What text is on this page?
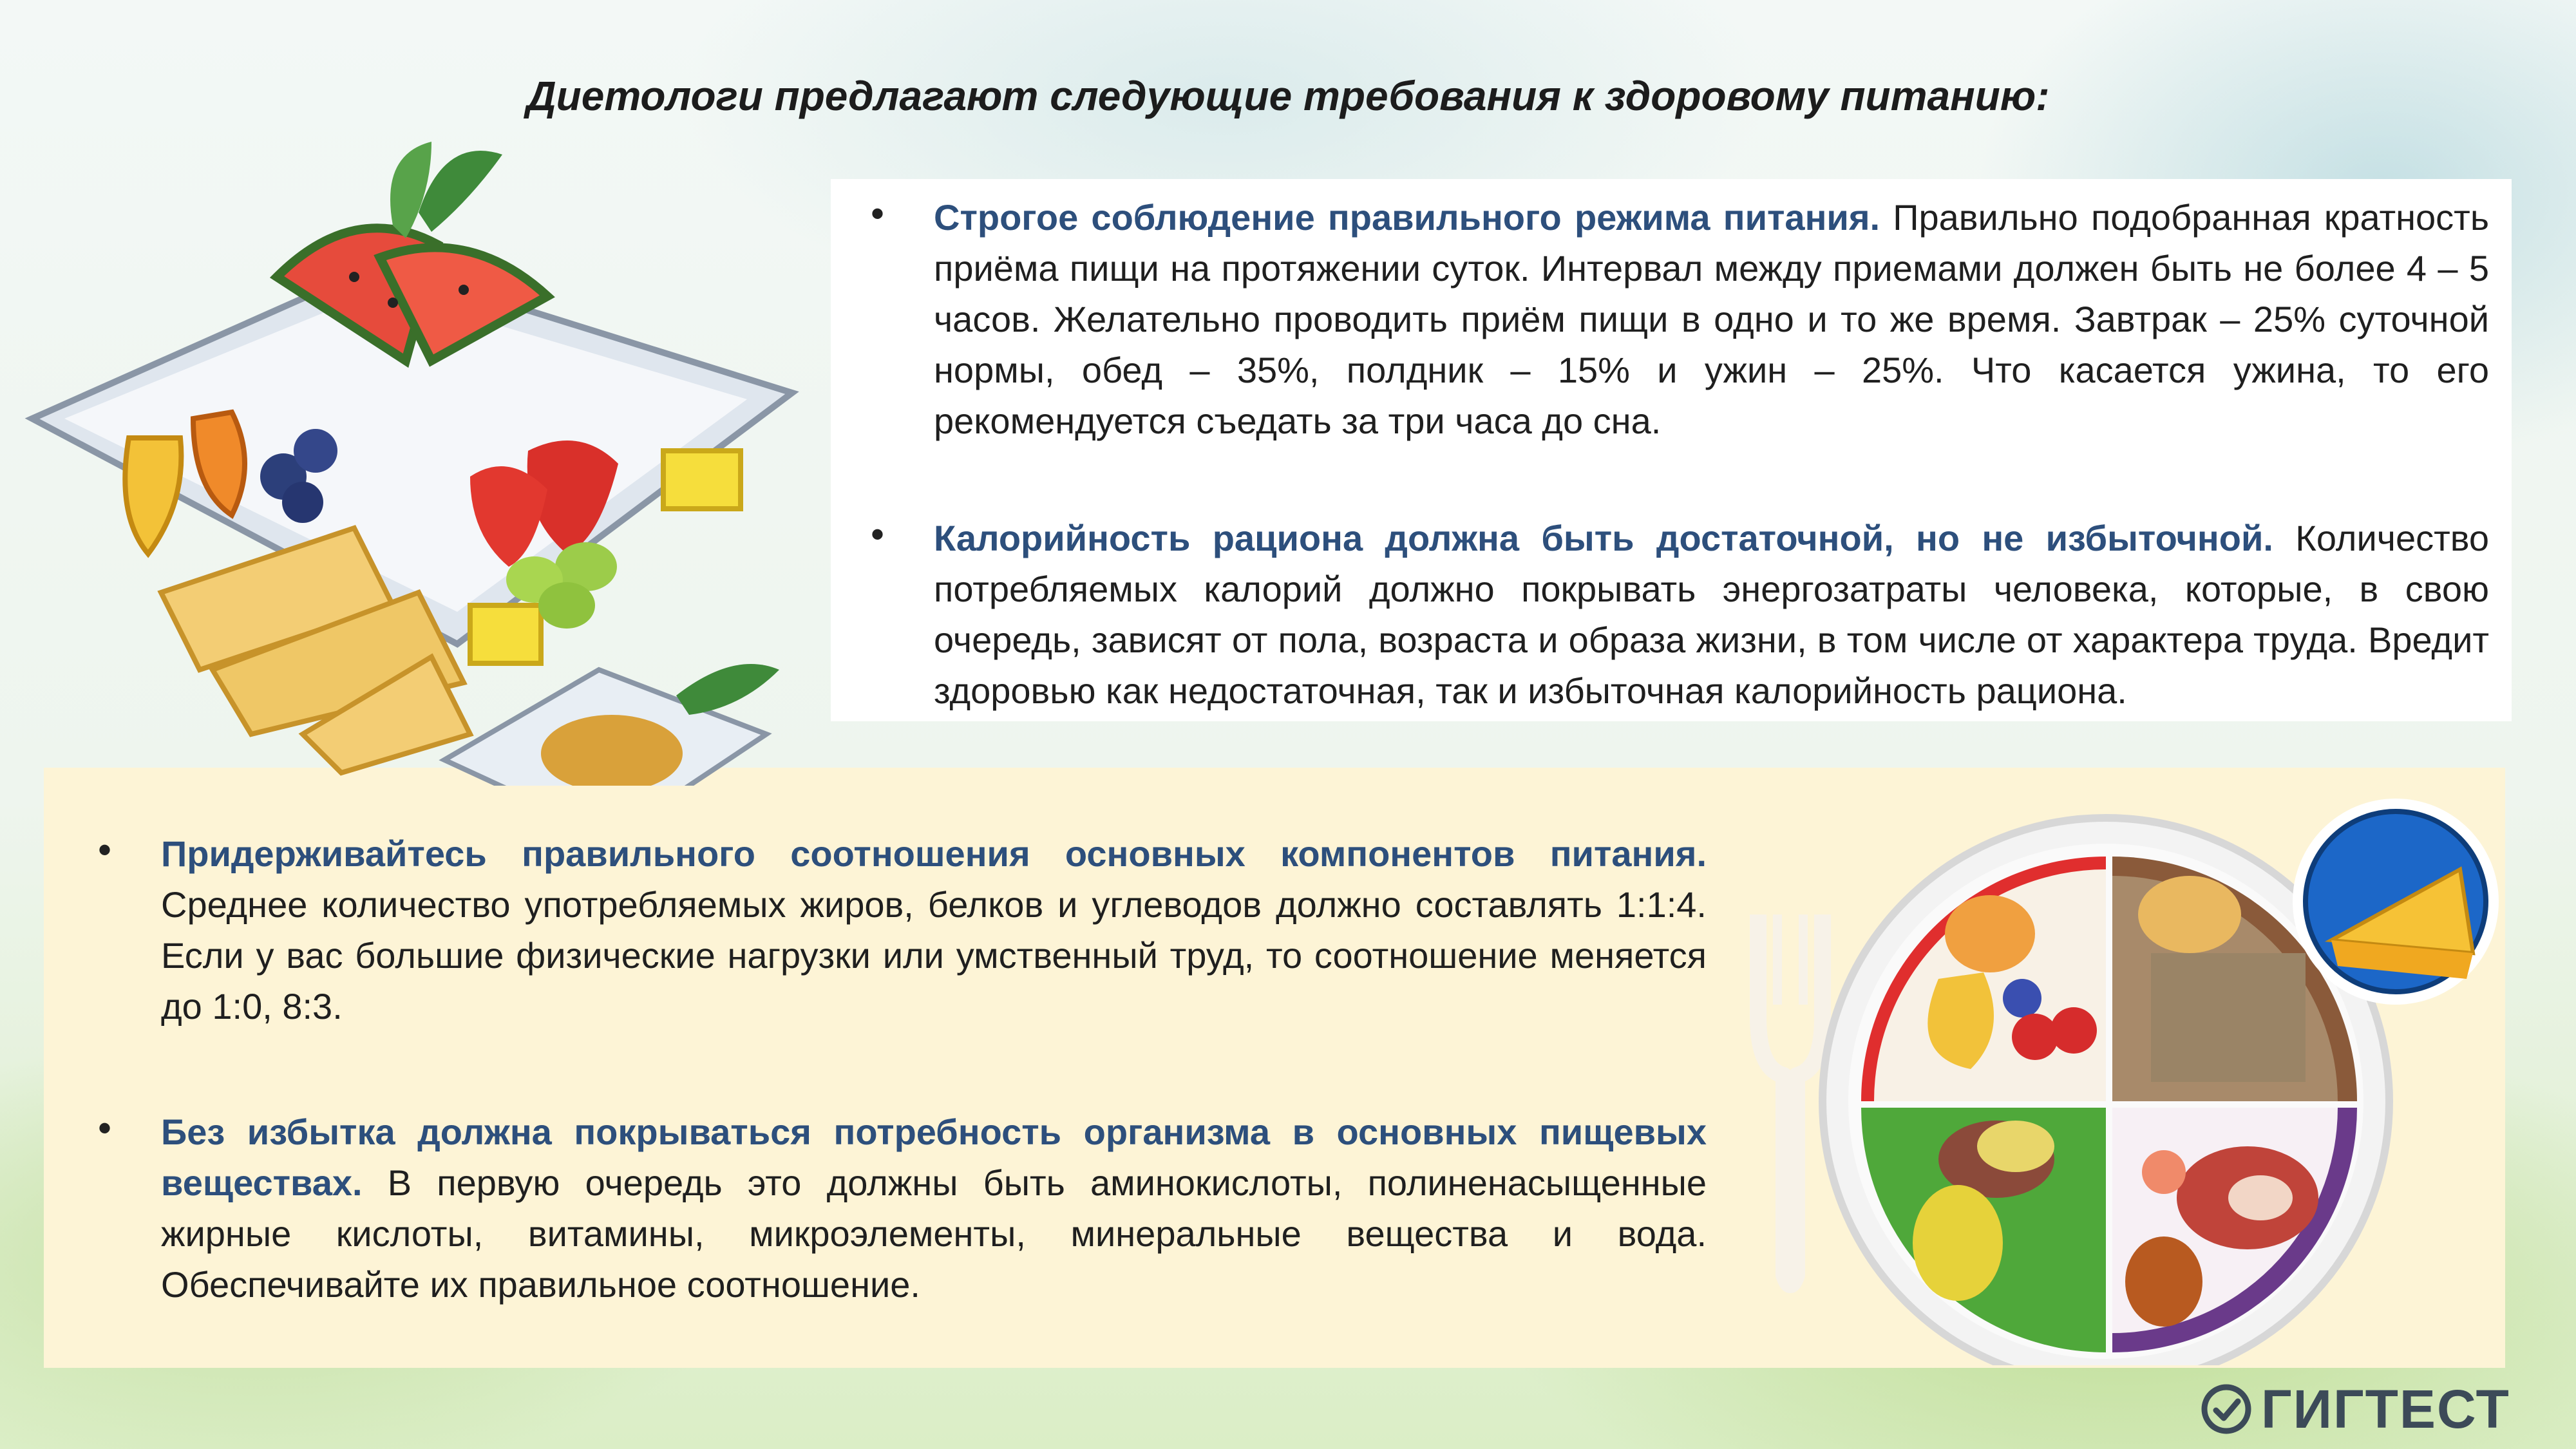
Диетологи предлагают следующие требования к здоровому питанию:
• Строгое соблюдение правильного режима питания. Правильно подобранная кратность приёма пищи на протяжении суток. Интервал между приемами должен быть не более 4 – 5 часов. Желательно проводить приём пищи в одно и то же время. Завтрак – 25% суточной нормы, обед – 35%, полдник – 15% и ужин – 25%. Что касается ужина, то его рекомендуется съедать за три часа до сна.
• Калорийность рациона должна быть достаточной, но не избыточной. Количество потребляемых калорий должно покрывать энергозатраты человека, которые, в свою очередь, зависят от пола, возраста и образа жизни, в том числе от характера труда. Вредит здоровью как недостаточная, так и избыточная калорийность рациона.
• Придерживайтесь правильного соотношения основных компонентов питания. Среднее количество употребляемых жиров, белков и углеводов должно составлять 1:1:4. Если у вас большие физические нагрузки или умственный труд, то соотношение меняется до 1:0, 8:3.
• Без избытка должна покрываться потребность организма в основных пищевых веществах. В первую очередь это должны быть аминокислоты, полиненасыщенные жирные кислоты, витамины, микроэлементы, минеральные вещества и вода. Обеспечивайте их правильное соотношение.
ГИГТЕСТ
